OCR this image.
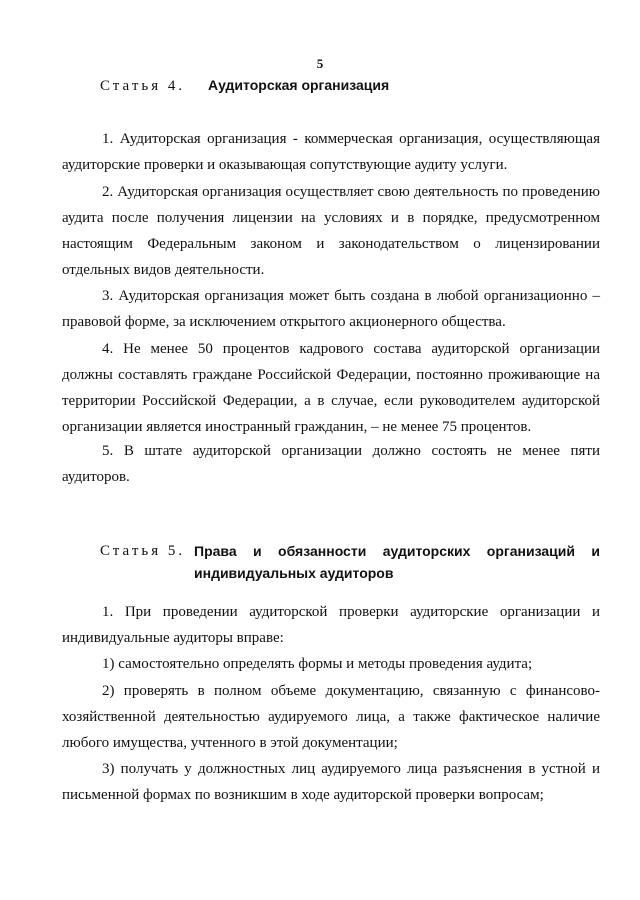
5
Статья 4. Аудиторская организация

1. Аудиторская организация - коммерческая организация, осуществляющая аудиторские проверки и оказывающая сопутствующие аудиту услуги.

2. Аудиторская организация осуществляет свою деятельность по проведению аудита после получения лицензии на условиях и в порядке, предусмотренном настоящим Федеральным законом и законодательством о лицензировании отдельных видов деятельности.

3. Аудиторская организация может быть создана в любой организационно – правовой форме, за исключением открытого акционерного общества.

4. Не менее 50 процентов кадрового состава аудиторской организации должны составлять граждане Российской Федерации, постоянно проживающие на территории Российской Федерации, а в случае, если руководителем аудиторской организации является иностранный гражданин, – не менее 75 процентов.

5. В штате аудиторской организации должно состоять не менее пяти аудиторов.

Статья 5. Права и обязанности аудиторских организаций и
индивидуальных аудиторов

1. При проведении аудиторской проверки аудиторские организации и индивидуальные аудиторы вправе:

1) самостоятельно определять формы и методы проведения аудита;

2) проверять в полном объеме документацию, связанную с финансово-хозяйственной деятельностью аудируемого лица, а также фактическое наличие любого имущества, учтенного в этой документации;

3) получать у должностных лиц аудируемого лица разъяснения в устной и письменной формах по возникшим в ходе аудиторской проверки вопросам;
